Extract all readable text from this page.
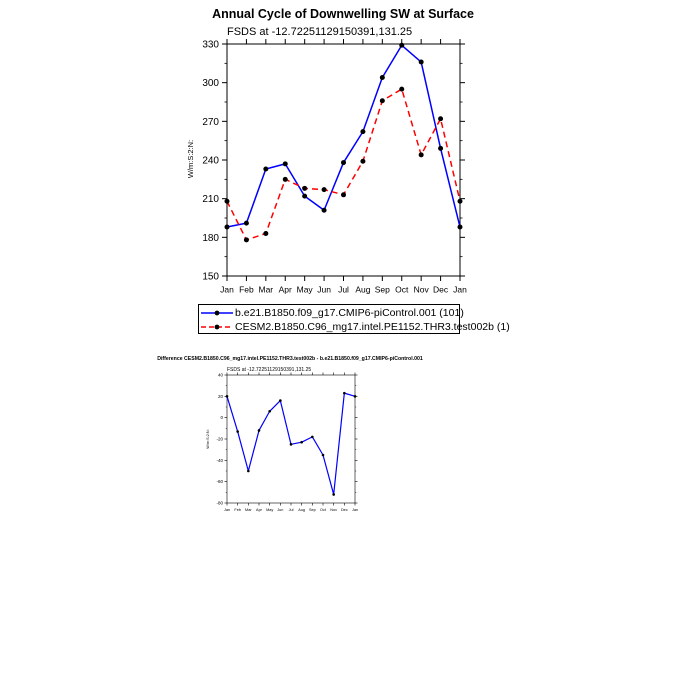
Annual Cycle of Downwelling SW at Surface
FSDS at -12.72251129150391,131.25
W/m:S:2:N:
150
180
210
240
270
300
330
Jan Feb Mar Apr May Jun Jul Aug Sep Oct Nov Dec Jan
b.e21.B1850.f09_g17.CMIP6-piControl.001 (101)
CESM2.B1850.C96_mg17.intel.PE1152.THR3.test002b (1)
Difference CESM2.B1850.C96_mg17.intel.PE1152.THR3.test002b - b.e21.B1850.f09_g17.CMIP6-piControl.001
FSDS at -12.72251129150391,131.25
W/m:S:2:N:
-80
-60
-40
-20
0
20
40
Jan Feb Mar Apr May Jun Jul Aug Sep Oct Nov Dec Jan
